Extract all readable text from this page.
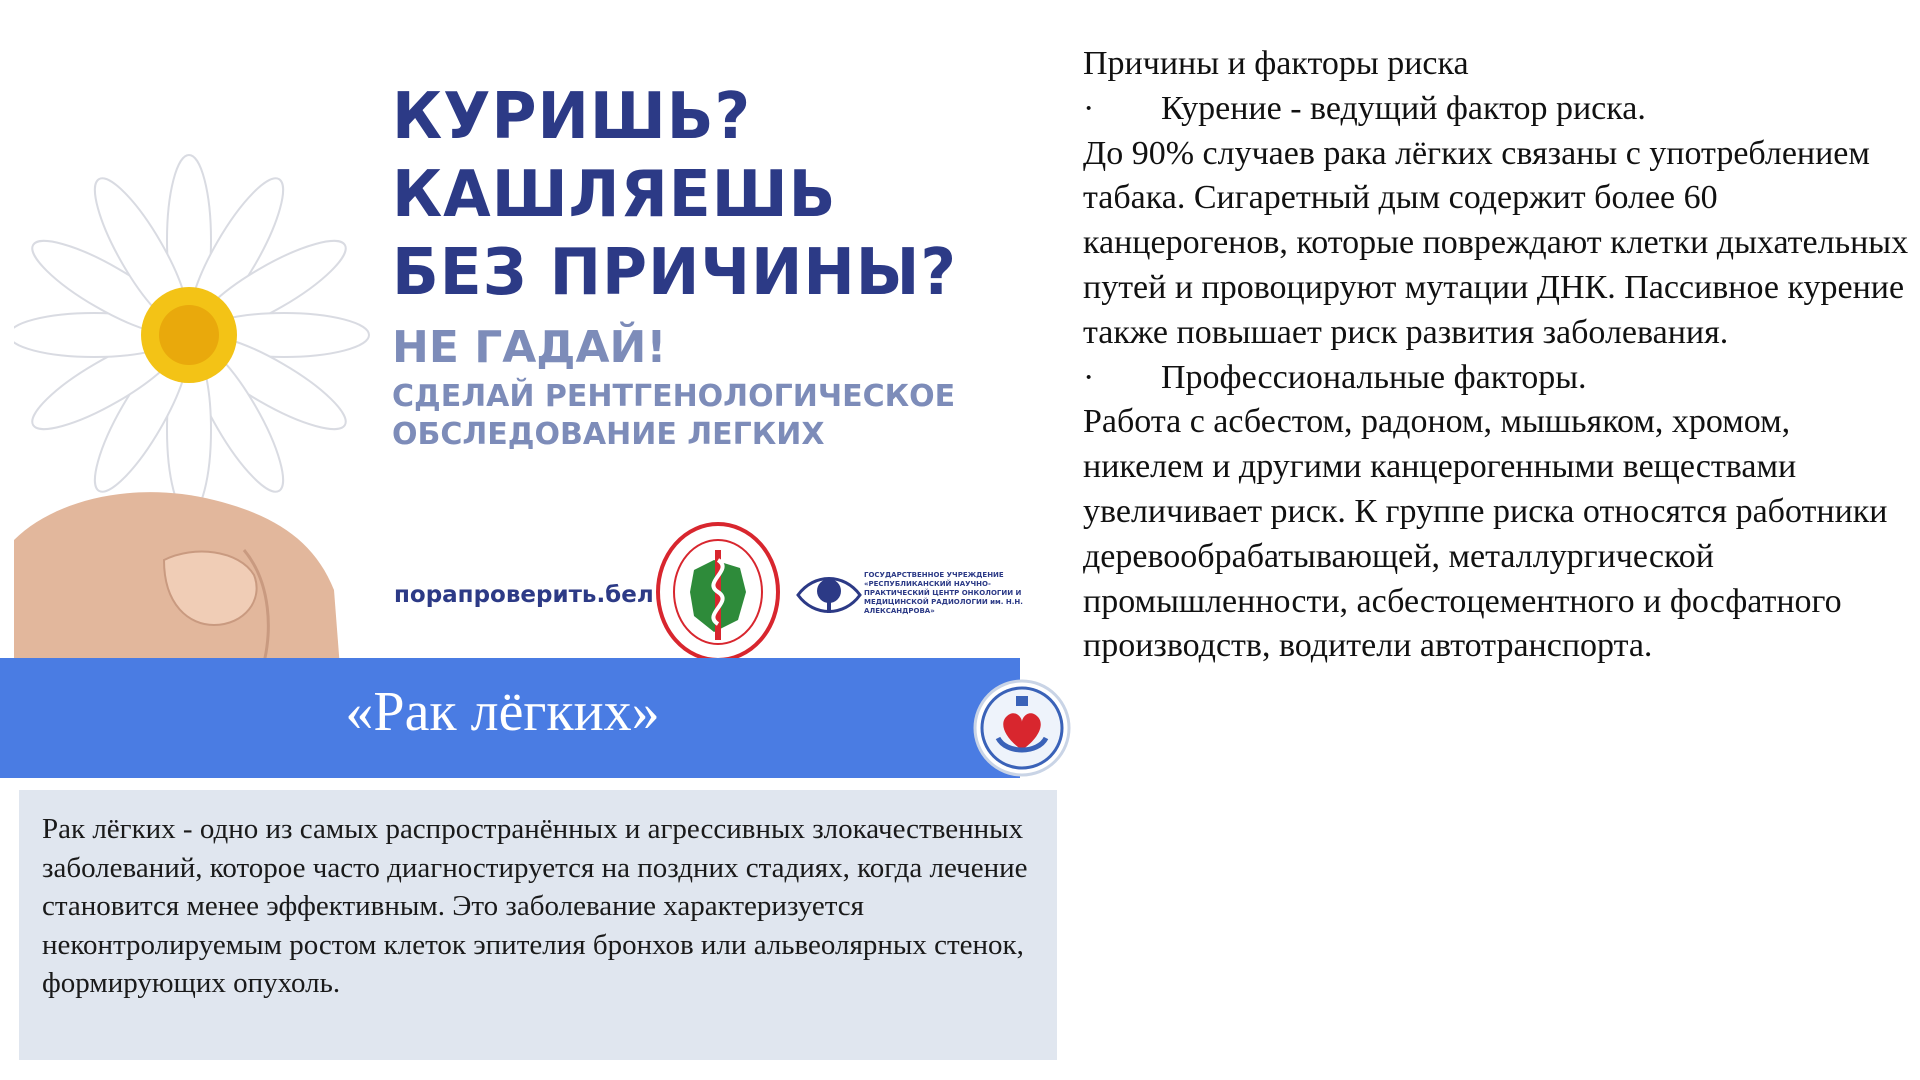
КУРИШЬ?
КАШЛЯЕШЬ
БЕЗ ПРИЧИНЫ?
НЕ ГАДАЙ!
СДЕЛАЙ РЕНТГЕНОЛОГИЧЕСКОЕ
ОБСЛЕДОВАНИЕ ЛЕГКИХ
порапроверить.бел
ГОСУДАРСТВЕННОЕ УЧРЕЖДЕНИЕ «РЕСПУБЛИКАНСКИЙ НАУЧНО-ПРАКТИЧЕСКИЙ ЦЕНТР ОНКОЛОГИИ И МЕДИЦИНСКОЙ РАДИОЛОГИИ им. Н.Н. АЛЕКСАНДРОВА»
«Рак лёгких»
Рак лёгких - одно из самых распространённых и агрессивных злокачественных заболеваний, которое часто диагностируется на поздних стадиях, когда лечение становится менее эффективным. Это заболевание характеризуется неконтролируемым ростом клеток эпителия бронхов или альвеолярных стенок, формирующих опухоль.

Причины и факторы риска

·	Курение - ведущий фактор риска.

До 90% случаев рака лёгких связаны с употреблением табака. Сигаретный дым содержит более 60 канцерогенов, которые повреждают клетки дыхательных путей и провоцируют мутации ДНК. Пассивное курение также повышает риск развития заболевания.

·	Профессиональные факторы.

Работа с асбестом, радоном, мышьяком, хромом, никелем и другими канцерогенными веществами увеличивает риск. К группе риска относятся работники деревообрабатывающей, металлургической промышленности, асбестоцементного и фосфатного производств, водители автотранспорта.
